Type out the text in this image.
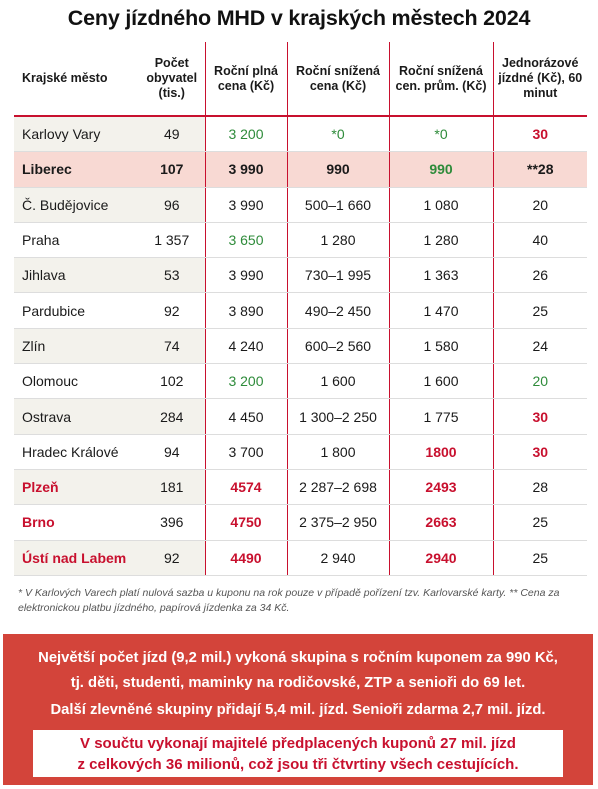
Ceny jízdného MHD v krajských městech 2024
Krajské město	Počet obyvatel (tis.)	Roční plná cena (Kč)	Roční snížená cena (Kč)	Roční snížená cen. prům. (Kč)	Jednorázové jízdné (Kč), 60 minut
Karlovy Vary	49	3 200	*0	*0	30
Liberec	107	3 990	990	990	**28
Č. Budějovice	96	3 990	500–1 660	1 080	20
Praha	1 357	3 650	1 280	1 280	40
Jihlava	53	3 990	730–1 995	1 363	26
Pardubice	92	3 890	490–2 450	1 470	25
Zlín	74	4 240	600–2 560	1 580	24
Olomouc	102	3 200	1 600	1 600	20
Ostrava	284	4 450	1 300–2 250	1 775	30
Hradec Králové	94	3 700	1 800	1800	30
Plzeň	181	4574	2 287–2 698	2493	28
Brno	396	4750	2 375–2 950	2663	25
Ústí nad Labem	92	4490	2 940	2940	25
* V Karlových Varech platí nulová sazba u kuponu na rok pouze v případě pořízení tzv. Karlovarské karty. ** Cena za elektronickou platbu jízdného, papírová jízdenka za 34 Kč.
Největší počet jízd (9,2 mil.) vykoná skupina s ročním kuponem za 990 Kč,
tj. děti, studenti, maminky na rodičovské, ZTP a senioři do 69 let.
Další zlevněné skupiny přidají 5,4 mil. jízd. Senioři zdarma 2,7 mil. jízd.
V součtu vykonají majitelé předplacených kuponů 27 mil. jízd
z celkových 36 milionů, což jsou tři čtvrtiny všech cestujících.
